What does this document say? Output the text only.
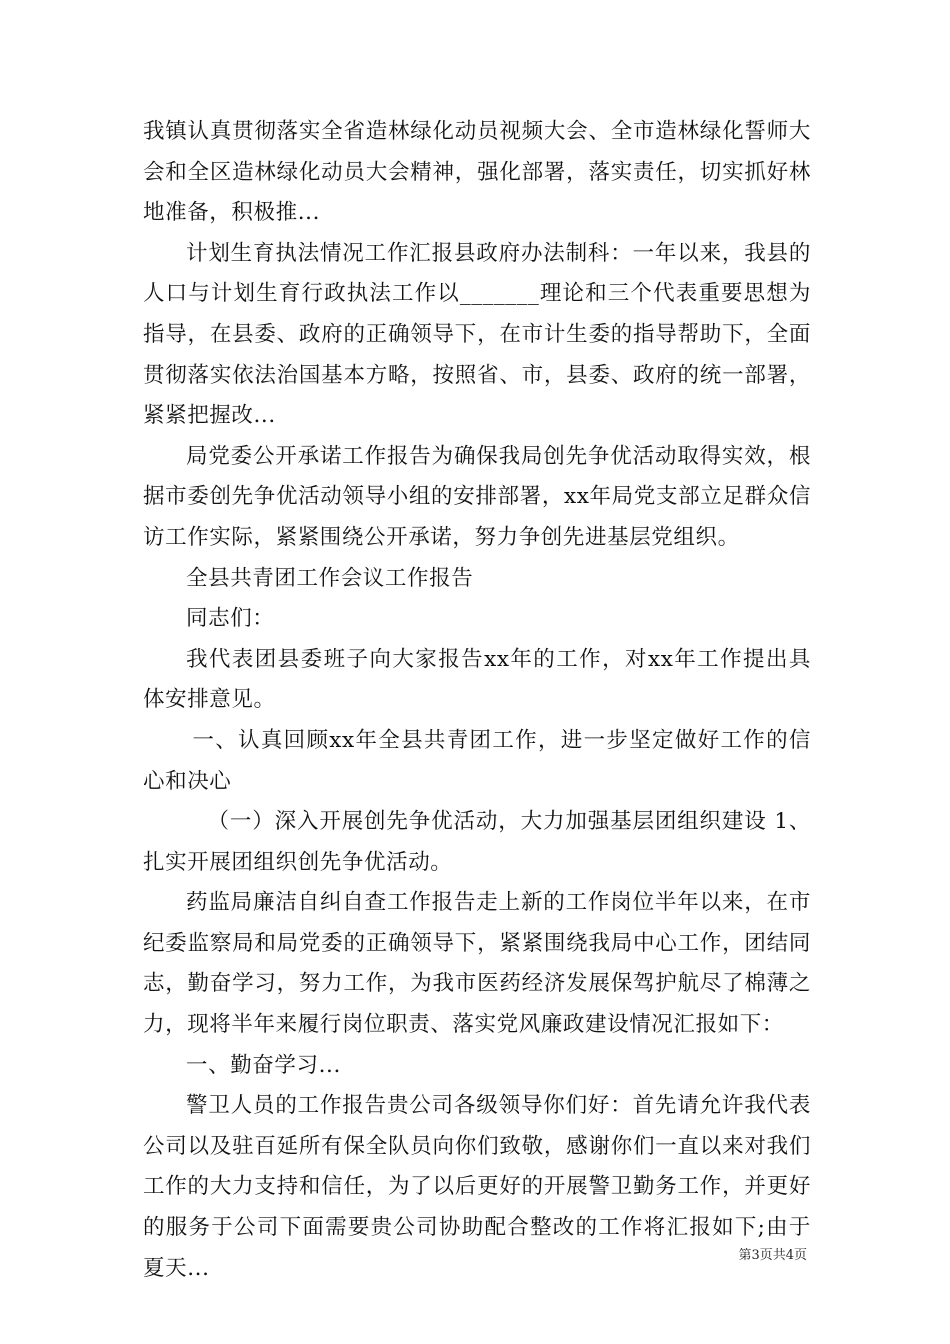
我镇认真贯彻落实全省造林绿化动员视频大会、全市造林绿化誓师大会和全区造林绿化动员大会精神，强化部署，落实责任，切实抓好林地准备，积极推...

计划生育执法情况工作汇报县政府办法制科：一年以来，我县的人口与计划生育行政执法工作以_______理论和三个代表重要思想为指导，在县委、政府的正确领导下，在市计生委的指导帮助下，全面贯彻落实依法治国基本方略，按照省、市，县委、政府的统一部署，紧紧把握改...

局党委公开承诺工作报告为确保我局创先争优活动取得实效，根据市委创先争优活动领导小组的安排部署，xx年局党支部立足群众信访工作实际，紧紧围绕公开承诺，努力争创先进基层党组织。

全县共青团工作会议工作报告

同志们：

我代表团县委班子向大家报告xx年的工作，对xx年工作提出具体安排意见。

一、认真回顾xx年全县共青团工作，进一步坚定做好工作的信心和决心

（一）深入开展创先争优活动，大力加强基层团组织建设 1、扎实开展团组织创先争优活动。

药监局廉洁自纠自查工作报告走上新的工作岗位半年以来，在市纪委监察局和局党委的正确领导下，紧紧围绕我局中心工作，团结同志，勤奋学习，努力工作，为我市医药经济发展保驾护航尽了棉薄之力，现将半年来履行岗位职责、落实党风廉政建设情况汇报如下：

一、勤奋学习...

警卫人员的工作报告贵公司各级领导你们好：首先请允许我代表公司以及驻百延所有保全队员向你们致敬，感谢你们一直以来对我们工作的大力支持和信任，为了以后更好的开展警卫勤务工作，并更好的服务于公司下面需要贵公司协助配合整改的工作将汇报如下;由于夏天...

第3页共4页
